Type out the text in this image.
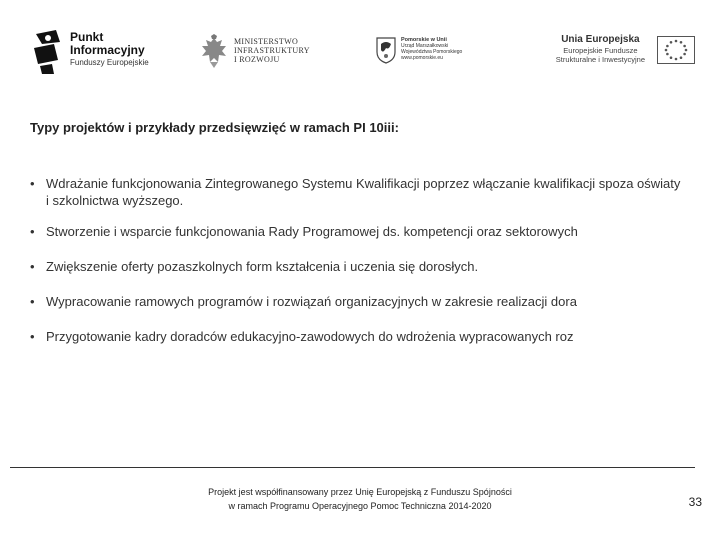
Punkt
Informacyjny
Funduszy Europejskie
MINISTERSTWO
INFRASTRUKTURY
I ROZWOJU
Pomorskie w Unii
Urząd Marszałkowski
Województwa Pomorskiego
www.pomorskie.eu
Unia Europejska
Europejskie Fundusze
Strukturalne i Inwestycyjne
Typy projektów i przykłady przedsięwzięć w ramach PI 10iii:
• Wdrażanie funkcjonowania Zintegrowanego Systemu Kwalifikacji poprzez włączanie kwalifikacji spoza oświaty
i szkolnictwa wyższego.
• Stworzenie i wsparcie funkcjonowania Rady Programowej ds. kompetencji oraz sektorowych
• Zwiększenie oferty pozaszkolnych form kształcenia i uczenia się dorosłych.
• Wypracowanie ramowych programów i rozwiązań organizacyjnych w zakresie realizacji dora
• Przygotowanie kadry doradców edukacyjno-zawodowych do wdrożenia wypracowanych roz
Projekt jest współfinansowany przez Unię Europejską z Funduszu Spójności
w ramach Programu Operacyjnego Pomoc Techniczna 2014-2020	33
